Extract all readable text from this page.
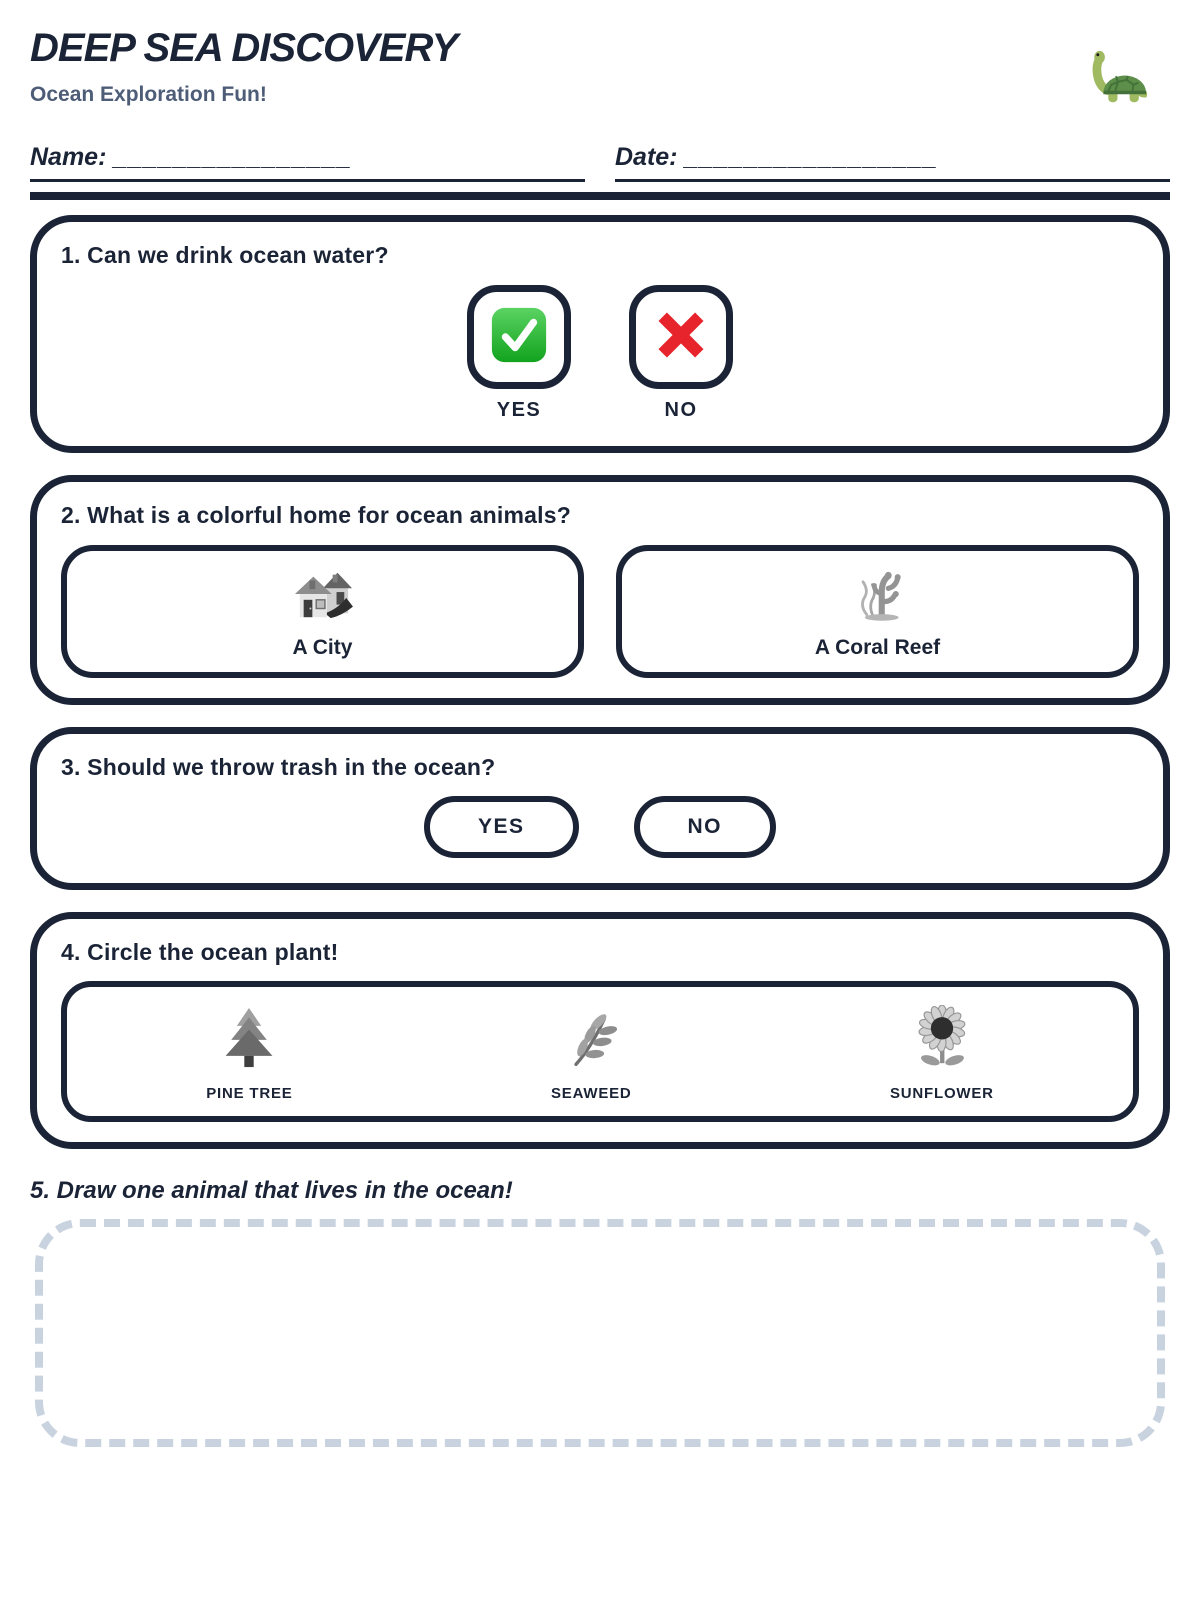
DEEP SEA DISCOVERY
Ocean Exploration Fun!
Name: ________________	Date: _________________
1. Can we drink ocean water?
YES	NO
2. What is a colorful home for ocean animals?
A City	A Coral Reef
3. Should we throw trash in the ocean?
YES	NO
4. Circle the ocean plant!
PINE TREE	SEAWEED	SUNFLOWER
5. Draw one animal that lives in the ocean!
